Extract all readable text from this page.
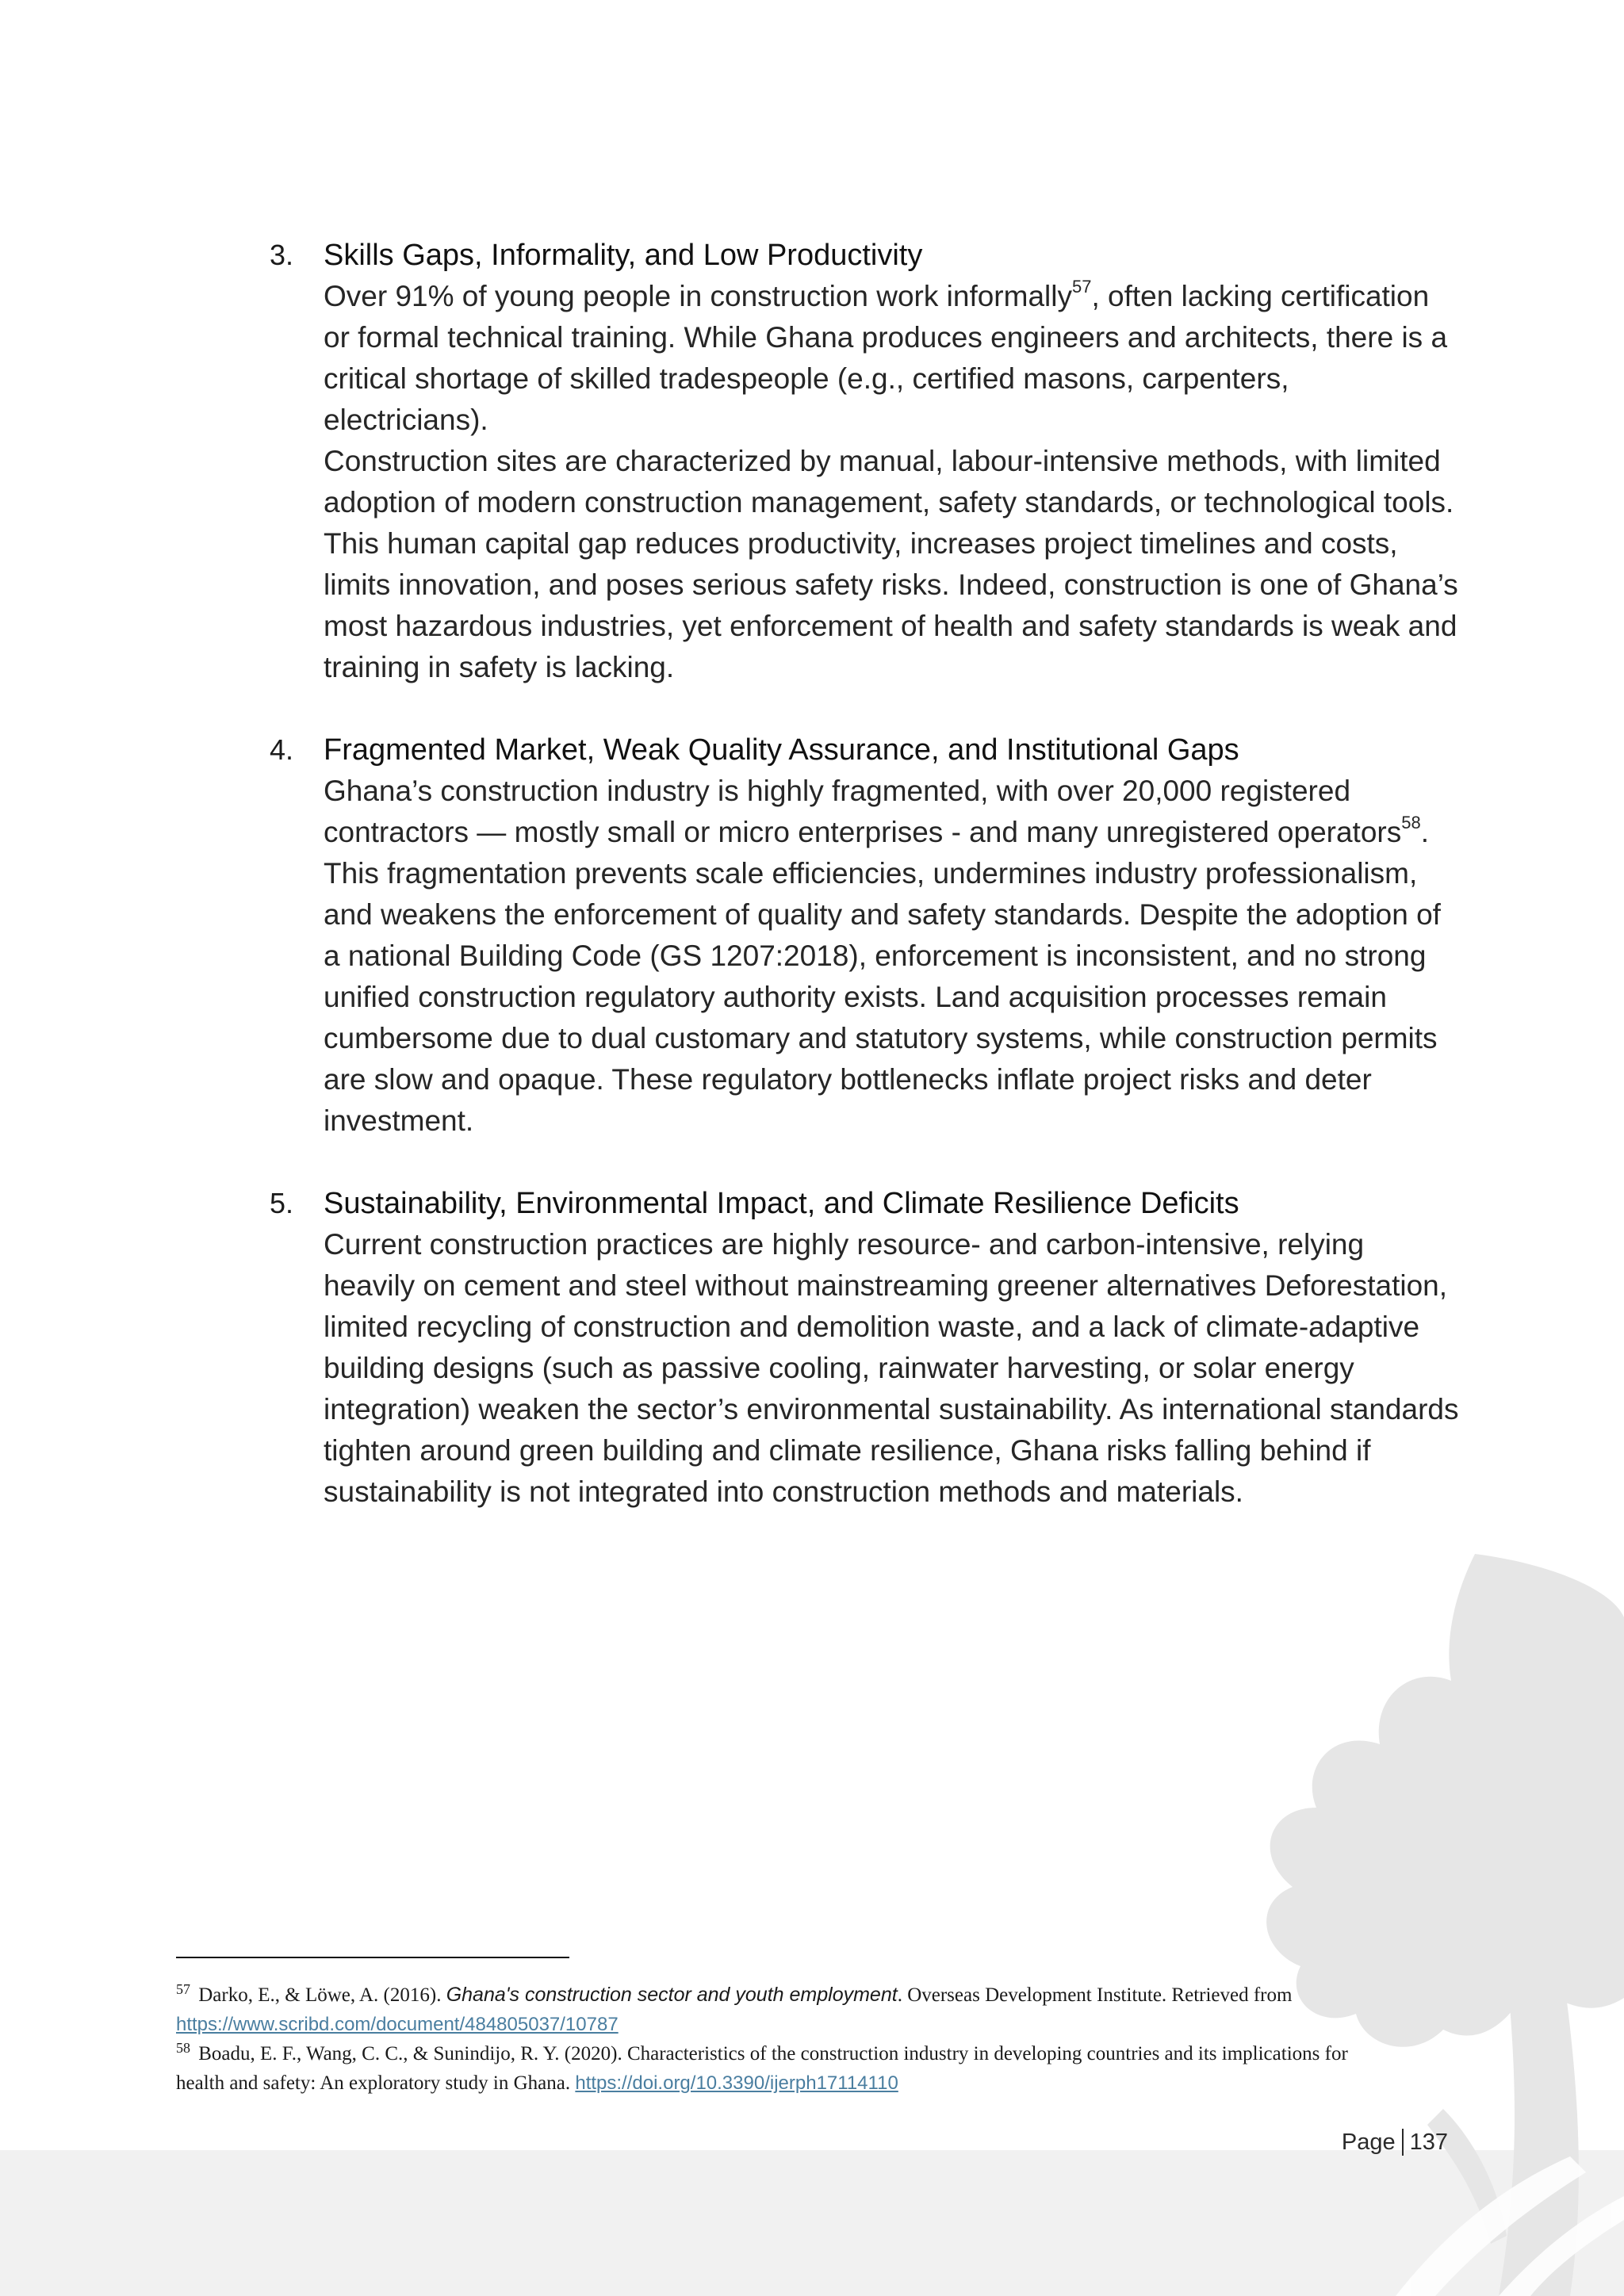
3. Skills Gaps, Informality, and Low Productivity

Over 91% of young people in construction work informally$^{57}$, often lacking certification or formal technical training. While Ghana produces engineers and architects, there is a critical shortage of skilled tradespeople (e.g., certified masons, carpenters, electricians).

Construction sites are characterized by manual, labour-intensive methods, with limited adoption of modern construction management, safety standards, or technological tools.

This human capital gap reduces productivity, increases project timelines and costs, limits innovation, and poses serious safety risks. Indeed, construction is one of Ghana’s most hazardous industries, yet enforcement of health and safety standards is weak and training in safety is lacking.

4. Fragmented Market, Weak Quality Assurance, and Institutional Gaps

Ghana’s construction industry is highly fragmented, with over 20,000 registered contractors — mostly small or micro enterprises - and many unregistered operators$^{58}$. This fragmentation prevents scale efficiencies, undermines industry professionalism, and weakens the enforcement of quality and safety standards. Despite the adoption of a national Building Code (GS 1207:2018), enforcement is inconsistent, and no strong unified construction regulatory authority exists. Land acquisition processes remain cumbersome due to dual customary and statutory systems, while construction permits are slow and opaque. These regulatory bottlenecks inflate project risks and deter investment.

5. Sustainability, Environmental Impact, and Climate Resilience Deficits

Current construction practices are highly resource- and carbon-intensive, relying heavily on cement and steel without mainstreaming greener alternatives Deforestation, limited recycling of construction and demolition waste, and a lack of climate-adaptive building designs (such as passive cooling, rainwater harvesting, or solar energy integration) weaken the sector’s environmental sustainability. As international standards tighten around green building and climate resilience, Ghana risks falling behind if sustainability is not integrated into construction methods and materials.

$^{57}$ Darko, E., & Löwe, A. (2016). Ghana's construction sector and youth employment. Overseas Development Institute. Retrieved from https://www.scribd.com/document/484805037/10787

$^{58}$ Boadu, E. F., Wang, C. C., & Sunindijo, R. Y. (2020). Characteristics of the construction industry in developing countries and its implications for health and safety: An exploratory study in Ghana. https://doi.org/10.3390/ijerph17114110

Page 137
